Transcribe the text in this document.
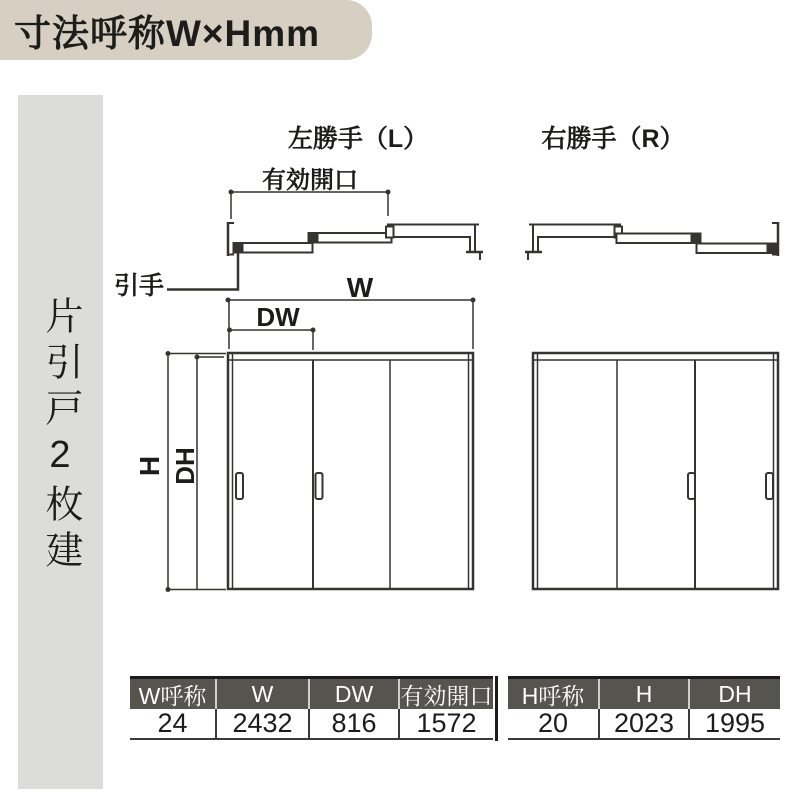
寸法呼称W×Hmm
片引戸2枚建
左勝手（L）	右勝手（R）
有効開口
引手	W
DW
H DH
W呼称	W	DW	有効開口
24	2432	816	1572
H呼称	H	DH
20	2023	1995
